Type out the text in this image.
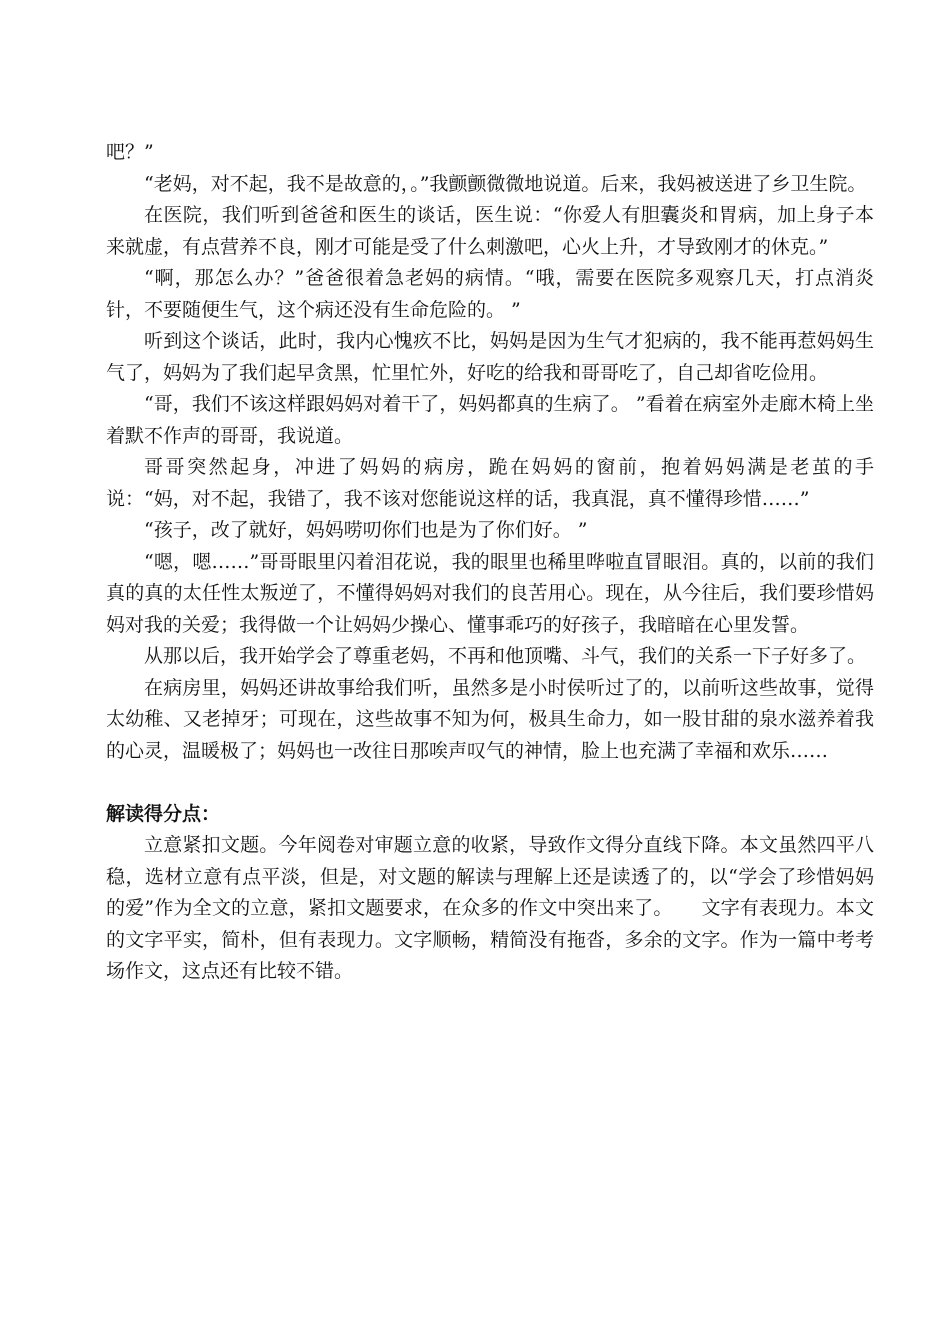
吧？”

“老妈，对不起，我不是故意的，。”我颤颤微微地说道。后来，我妈被送进了乡卫生院。

在医院，我们听到爸爸和医生的谈话，医生说：“你爱人有胆囊炎和胃病，加上身子本来就虚，有点营养不良，刚才可能是受了什么刺激吧，心火上升，才导致刚才的休克。”

“啊，那怎么办？”爸爸很着急老妈的病情。“哦，需要在医院多观察几天，打点消炎针，不要随便生气，这个病还没有生命危险的。 ”

听到这个谈话，此时，我内心愧疚不比，妈妈是因为生气才犯病的，我不能再惹妈妈生气了，妈妈为了我们起早贪黑，忙里忙外，好吃的给我和哥哥吃了，自己却省吃俭用。

“哥，我们不该这样跟妈妈对着干了，妈妈都真的生病了。 ”看着在病室外走廊木椅上坐着默不作声的哥哥，我说道。

哥哥突然起身，冲进了妈妈的病房，跪在妈妈的窗前，抱着妈妈满是老茧的手说：“妈，对不起，我错了，我不该对您能说这样的话，我真混，真不懂得珍惜……”

“孩子，改了就好，妈妈唠叨你们也是为了你们好。 ”

“嗯，嗯……”哥哥眼里闪着泪花说，我的眼里也稀里哗啦直冒眼泪。真的，以前的我们真的真的太任性太叛逆了，不懂得妈妈对我们的良苦用心。现在，从今往后，我们要珍惜妈妈对我的关爱；我得做一个让妈妈少操心、懂事乖巧的好孩子，我暗暗在心里发誓。

从那以后，我开始学会了尊重老妈，不再和他顶嘴、斗气，我们的关系一下子好多了。

在病房里，妈妈还讲故事给我们听，虽然多是小时侯听过了的，以前听这些故事，觉得太幼稚、又老掉牙；可现在，这些故事不知为何，极具生命力，如一股甘甜的泉水滋养着我的心灵，温暖极了；妈妈也一改往日那唉声叹气的神情，脸上也充满了幸福和欢乐……

解读得分点：

立意紧扣文题。今年阅卷对审题立意的收紧，导致作文得分直线下降。本文虽然四平八稳，选材立意有点平淡，但是，对文题的解读与理解上还是读透了的，以“学会了珍惜妈妈的爱”作为全文的立意，紧扣文题要求，在众多的作文中突出来了。　　文字有表现力。本文的文字平实，简朴，但有表现力。文字顺畅，精简没有拖沓，多余的文字。作为一篇中考考场作文，这点还有比较不错。
